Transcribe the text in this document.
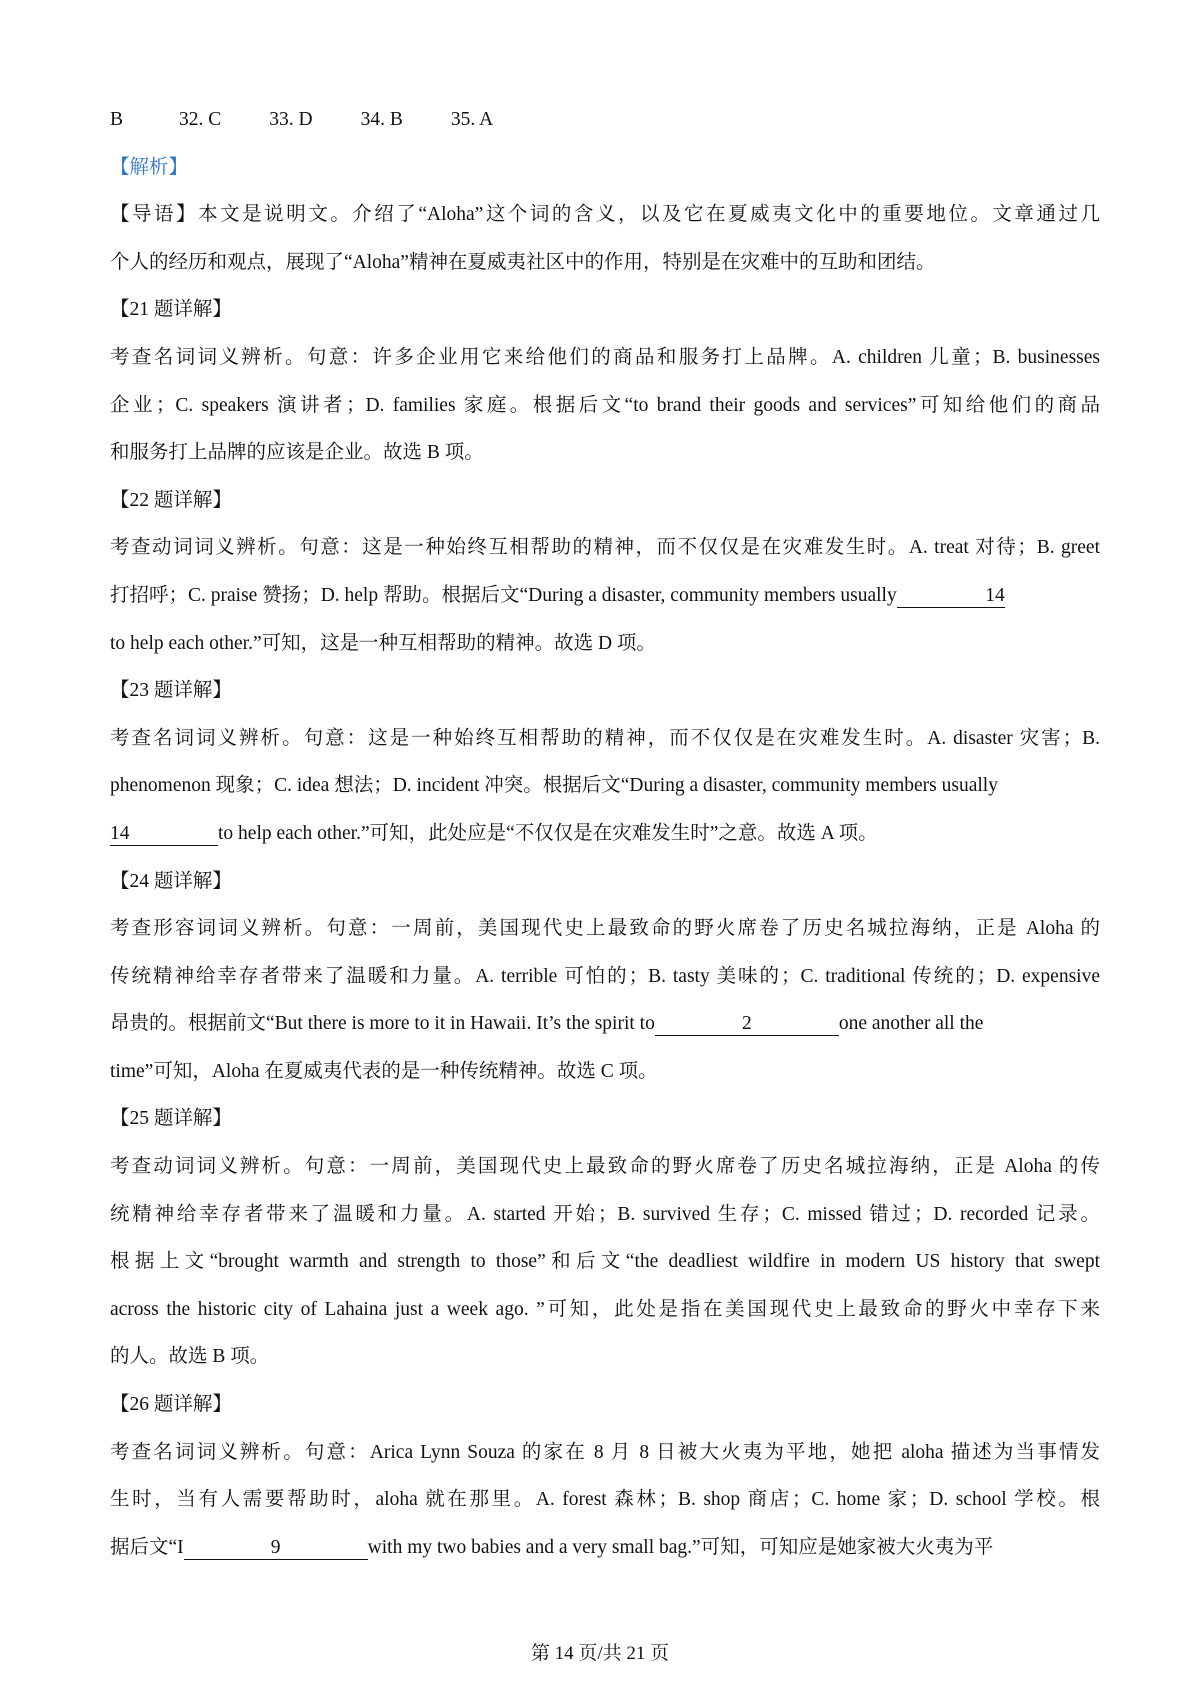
B	32. C 33. D 34. B 35. A
【解析】
【导语】本文是说明文。介绍了“Aloha”这个词的含义，以及它在夏威夷文化中的重要地位。文章通过几
个人的经历和观点，展现了“Aloha”精神在夏威夷社区中的作用，特别是在灾难中的互助和团结。
【21 题详解】
考查名词词义辨析。句意：许多企业用它来给他们的商品和服务打上品牌。A. children 儿童；B. businesses
企业；C. speakers 演讲者；D. families 家庭。根据后文“to brand their goods and services”可知给他们的商品
和服务打上品牌的应该是企业。故选 B 项。
【22 题详解】
考查动词词义辨析。句意：这是一种始终互相帮助的精神，而不仅仅是在灾难发生时。A. treat 对待；B. greet
打招呼；C. praise 赞扬；D. help 帮助。根据后文“During a disaster, community members usually	14
to help each other.”可知，这是一种互相帮助的精神。故选 D 项。
【23 题详解】
考查名词词义辨析。句意：这是一种始终互相帮助的精神，而不仅仅是在灾难发生时。A. disaster 灾害；B.
phenomenon 现象；C. idea 想法；D. incident 冲突。根据后文“During a disaster, community members usually
14	to help each other.”可知，此处应是“不仅仅是在灾难发生时”之意。故选 A 项。
【24 题详解】
考查形容词词义辨析。句意：一周前，美国现代史上最致命的野火席卷了历史名城拉海纳，正是 Aloha 的
传统精神给幸存者带来了温暖和力量。A. terrible 可怕的；B. tasty 美味的；C. traditional 传统的；D. expensive
昂贵的。根据前文“But there is more to it in Hawaii. It’s the spirit to	2	one another all the
time”可知，Aloha 在夏威夷代表的是一种传统精神。故选 C 项。
【25 题详解】
考查动词词义辨析。句意：一周前，美国现代史上最致命的野火席卷了历史名城拉海纳，正是 Aloha 的传
统精神给幸存者带来了温暖和力量。A. started 开始；B. survived 生存；C. missed 错过；D. recorded 记录。
根据上文“brought warmth and strength to those”和后文“the deadliest wildfire in modern US history that swept
across the historic city of Lahaina just a week ago. ”可知，此处是指在美国现代史上最致命的野火中幸存下来
的人。故选 B 项。
【26 题详解】
考查名词词义辨析。句意：Arica Lynn Souza 的家在 8 月 8 日被大火夷为平地，她把 aloha 描述为当事情发
生时，当有人需要帮助时，aloha 就在那里。A. forest 森林；B. shop 商店；C. home 家；D. school 学校。根
据后文“I	9	with my two babies and a very small bag.”可知，可知应是她家被大火夷为平
第 14 页/共 21 页
